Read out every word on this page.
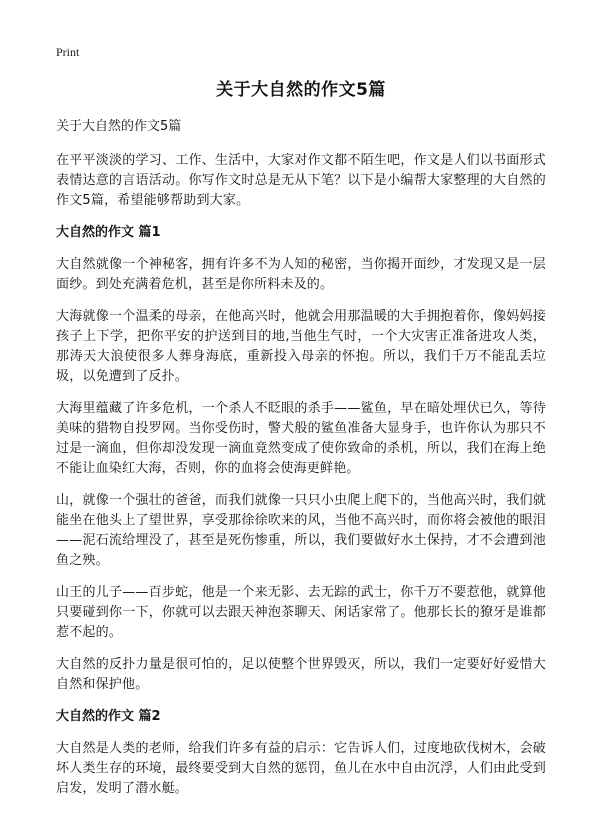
Print
关于大自然的作文5篇
关于大自然的作文5篇

在平平淡淡的学习、工作、生活中，大家对作文都不陌生吧，作文是人们以书面形式表情达意的言语活动。你写作文时总是无从下笔？以下是小编帮大家整理的大自然的作文5篇，希望能够帮助到大家。

大自然的作文 篇1

大自然就像一个神秘客，拥有许多不为人知的秘密，当你揭开面纱，才发现又是一层面纱。到处充满着危机，甚至是你所料未及的。

大海就像一个温柔的母亲，在他高兴时，他就会用那温暖的大手拥抱着你，像妈妈接孩子上下学，把你平安的护送到目的地,当他生气时，一个大灾害正准备进攻人类，那涛天大浪使很多人葬身海底，重新投入母亲的怀抱。所以，我们千万不能乱丢垃圾，以免遭到了反扑。

大海里蕴藏了许多危机，一个杀人不眨眼的杀手——鲨鱼，早在暗处埋伏已久，等待美味的猎物自投罗网。当你受伤时，警犬般的鲨鱼准备大显身手，也许你认为那只不过是一滴血，但你却没发现一滴血竟然变成了使你致命的杀机，所以，我们在海上绝不能让血染红大海，否则，你的血将会使海更鲜艳。

山，就像一个强壮的爸爸，而我们就像一只只小虫爬上爬下的，当他高兴时，我们就能坐在他头上了望世界，享受那徐徐吹来的风，当他不高兴时，而你将会被他的眼泪——泥石流给埋没了，甚至是死伤惨重，所以，我们要做好水土保持，才不会遭到池鱼之殃。

山王的儿子——百步蛇，他是一个来无影、去无踪的武士，你千万不要惹他，就算他只要碰到你一下，你就可以去跟天神泡茶聊天、闲话家常了。他那长长的獠牙是谁都惹不起的。

大自然的反扑力量是很可怕的，足以使整个世界毁灭，所以，我们一定要好好爱惜大自然和保护他。

大自然的作文 篇2

大自然是人类的老师，给我们许多有益的启示：它告诉人们，过度地砍伐树木，会破坏人类生存的环境，最终要受到大自然的惩罚，鱼儿在水中自由沉浮，人们由此受到启发，发明了潜水艇。
